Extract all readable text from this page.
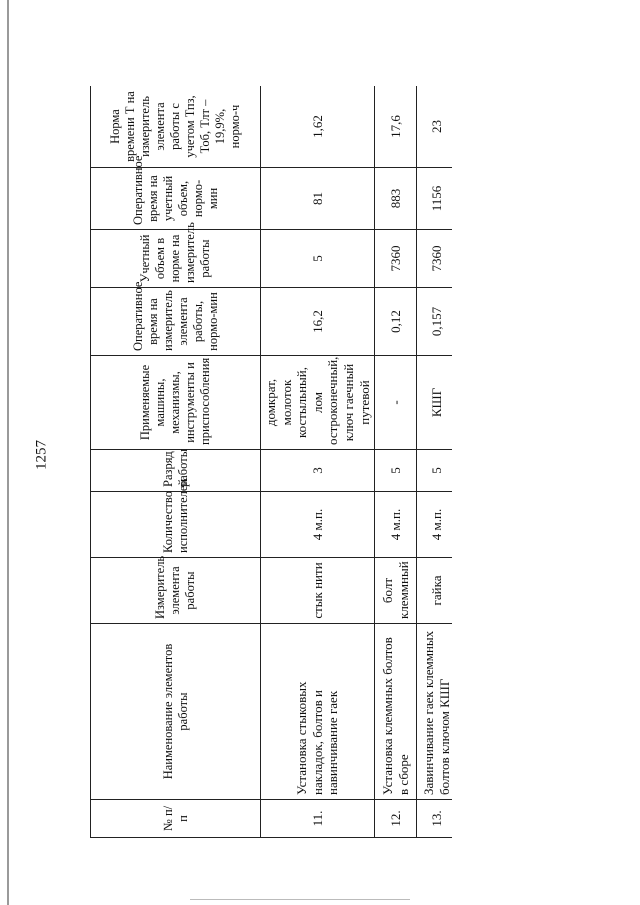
1257
№ п/п	Наименование элементов работы	Измеритель элемента работы	Количество исполнителей	Разряд работы	Применяемые машины, механизмы, инструменты и приспособления	Оперативное время на измеритель элемента работы, нормо-мин	Учетный объем в норме на измеритель работы	Оперативное время на учетный объем, нормо-мин	Норма времени Т на измеритель элемента работы с учетом Тпз, Тоб, Тлт – 19,9%, нормо-ч
11.	Установка стыковых накладок, болтов и навинчивание гаек	стык нити	4 м.п.	3	домкрат, молоток костыльный, лом остроконечный, ключ гаечный путевой	16,2	5	81	1,62
12.	Установка клеммных болтов в сборе	болт клеммный	4 м.п.	5	-	0,12	7360	883	17,6
13.	Завинчивание гаек клеммных болтов ключом КШГ	гайка	4 м.п.	5	КШГ	0,157	7360	1156	23
